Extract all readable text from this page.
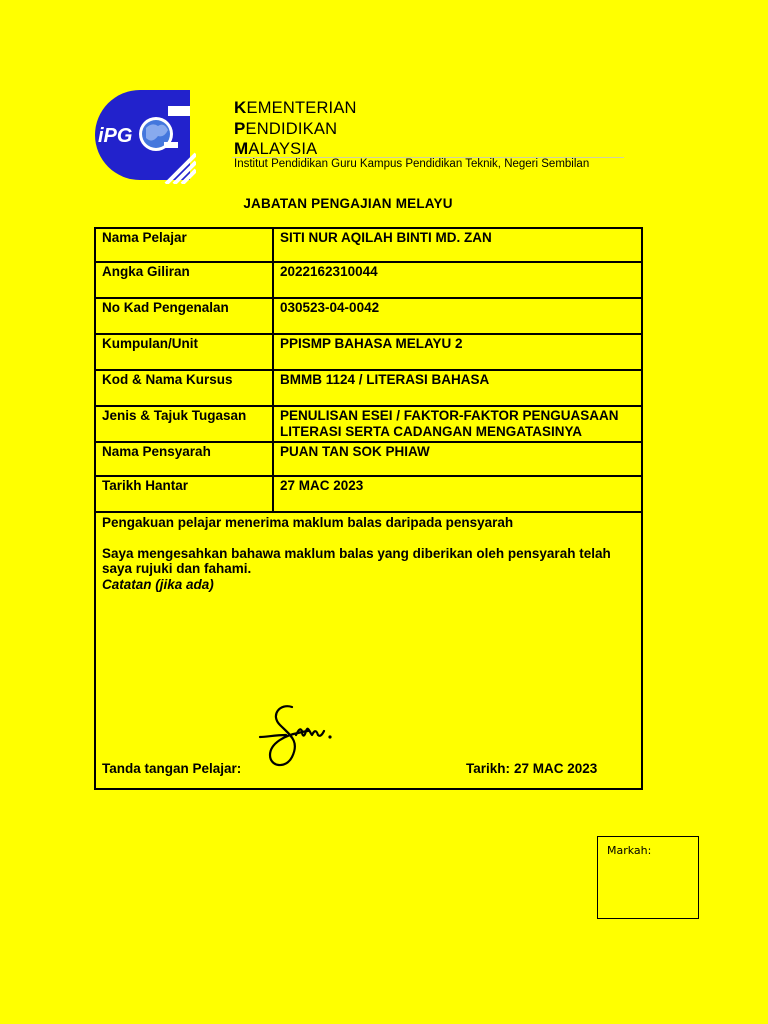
iPG
KEMENTERIAN
PENDIDIKAN
MALAYSIA
Institut Pendidikan Guru Kampus Pendidikan Teknik, Negeri Sembilan
JABATAN PENGAJIAN MELAYU
Nama Pelajar	SITI NUR AQILAH BINTI MD. ZAN
Angka Giliran	2022162310044
No Kad Pengenalan	030523-04-0042
Kumpulan/Unit	PPISMP BAHASA MELAYU 2
Kod & Nama Kursus	BMMB 1124 / LITERASI BAHASA
Jenis & Tajuk Tugasan	PENULISAN ESEI / FAKTOR-FAKTOR PENGUASAAN LITERASI SERTA CADANGAN MENGATASINYA
Nama Pensyarah	PUAN TAN SOK PHIAW
Tarikh Hantar	27 MAC 2023

Pengakuan pelajar menerima maklum balas daripada pensyarah
Saya mengesahkan bahawa maklum balas yang diberikan oleh pensyarah telah saya rujuki dan fahami.
Catatan (jika ada)
Tanda tangan Pelajar: Tarikh: 27 MAC 2023	
Markah:
